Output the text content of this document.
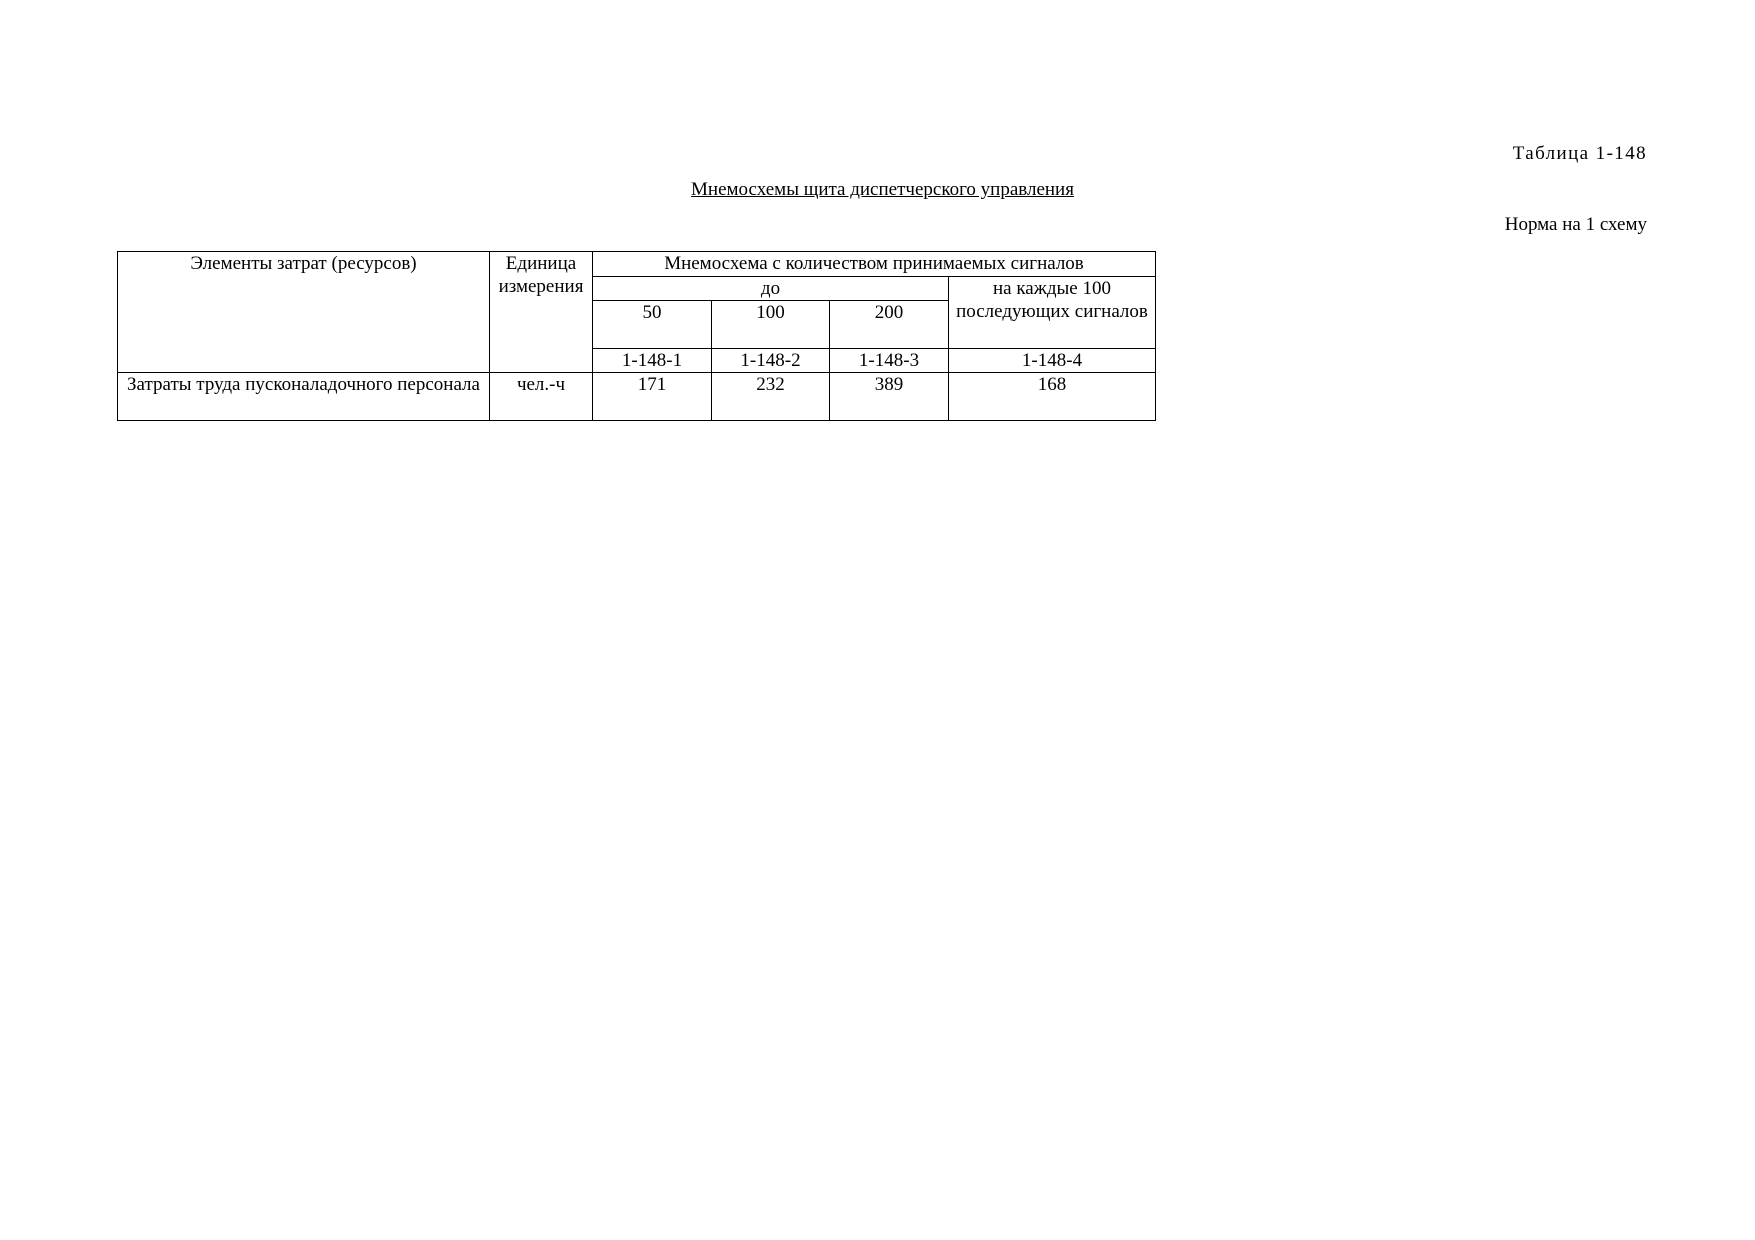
Таблица 1-148
Мнемосхемы щита диспетчерского управления
Норма на 1 схему
Элементы затрат (ресурсов)	Единица измерения	Мнемосхема с количеством принимаемых сигналов			
		до			на каждые 100 последующих сигналов
		50	100	200	
		1-148-1	1-148-2	1-148-3	1-148-4
Затраты труда пусконаладочного персонала	чел.-ч	171	232	389	168
